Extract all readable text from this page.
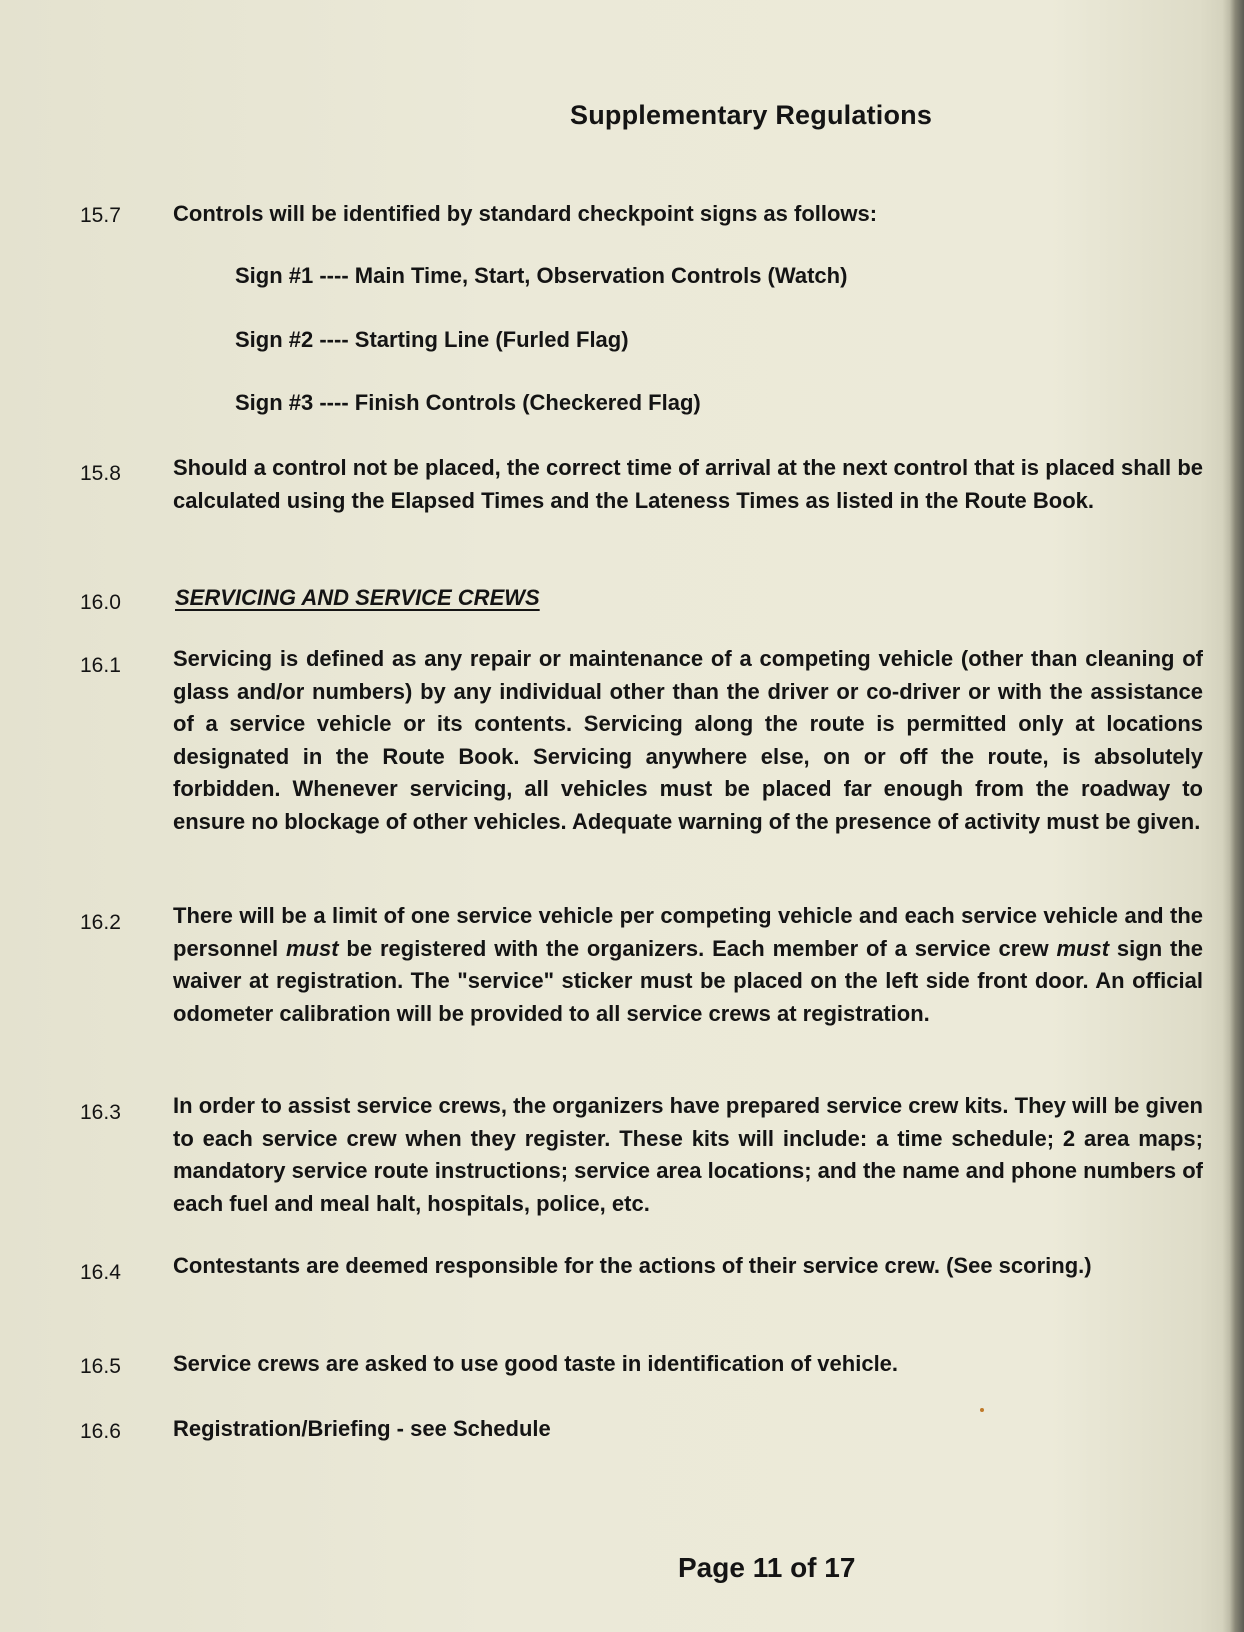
Supplementary Regulations
15.7 Controls will be identified by standard checkpoint signs as follows:
Sign #1 ---- Main Time, Start, Observation Controls (Watch)
Sign #2 ---- Starting Line (Furled Flag)
Sign #3 ---- Finish Controls (Checkered Flag)
15.8 Should a control not be placed, the correct time of arrival at the next control that is placed shall be calculated using the Elapsed Times and the Lateness Times as listed in the Route Book.
16.0 SERVICING AND SERVICE CREWS
16.1 Servicing is defined as any repair or maintenance of a competing vehicle (other than cleaning of glass and/or numbers) by any individual other than the driver or co-driver or with the assistance of a service vehicle or its contents. Servicing along the route is permitted only at locations designated in the Route Book. Servicing anywhere else, on or off the route, is absolutely forbidden. Whenever servicing, all vehicles must be placed far enough from the roadway to ensure no blockage of other vehicles. Adequate warning of the presence of activity must be given.
16.2 There will be a limit of one service vehicle per competing vehicle and each service vehicle and the personnel must be registered with the organizers. Each member of a service crew must sign the waiver at registration. The "service" sticker must be placed on the left side front door. An official odometer calibration will be provided to all service crews at registration.
16.3 In order to assist service crews, the organizers have prepared service crew kits. They will be given to each service crew when they register. These kits will include: a time schedule; 2 area maps; mandatory service route instructions; service area locations; and the name and phone numbers of each fuel and meal halt, hospitals, police, etc.
16.4 Contestants are deemed responsible for the actions of their service crew. (See scoring.)
16.5 Service crews are asked to use good taste in identification of vehicle.
16.6 Registration/Briefing - see Schedule
Page 11 of 17
